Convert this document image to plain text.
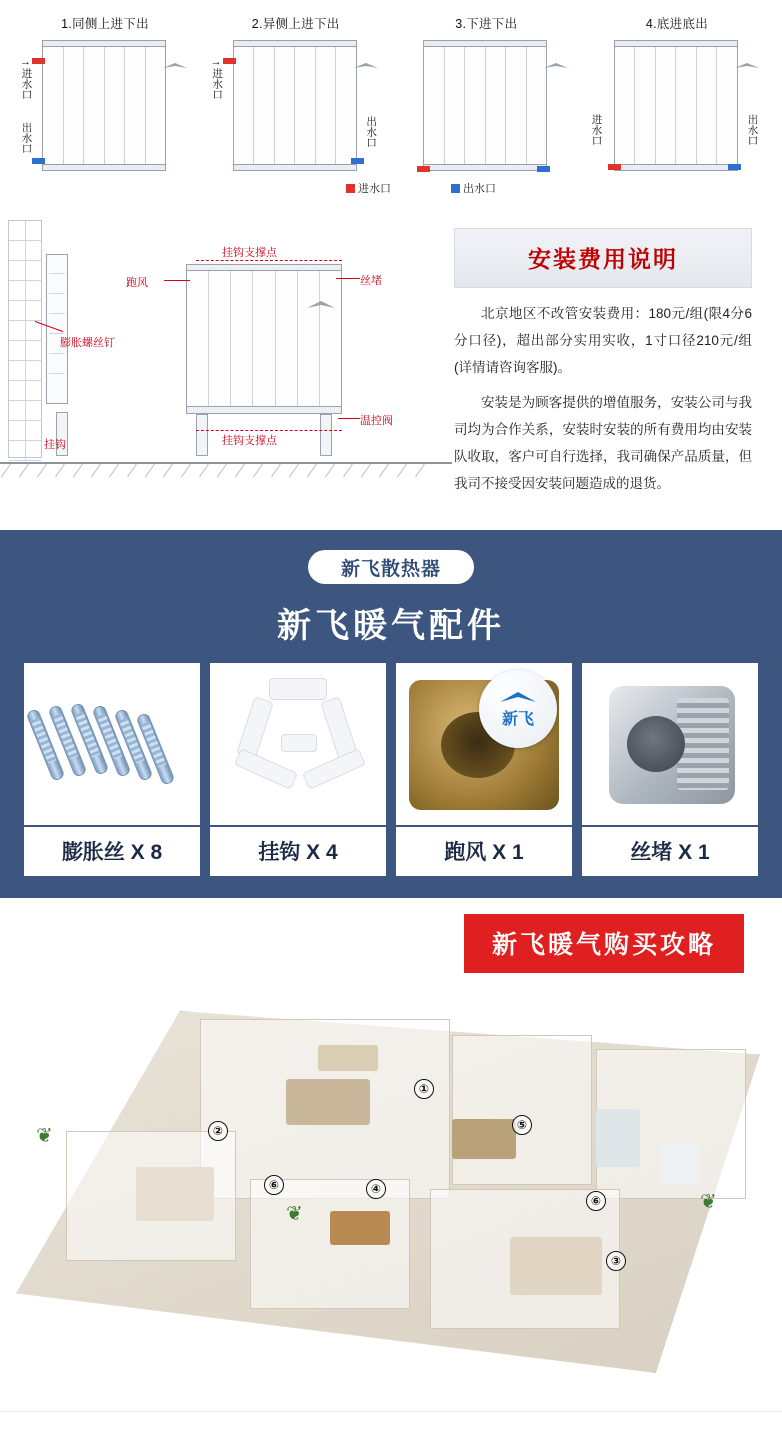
1.同侧上进下出
→
进水口
出水口
2.异侧上进下出
→
进水口
出水口
3.下进下出	4.底进底出
进水口	出水口
进水口	出水口
挂钩支撑点
跑风	丝堵
膨胀螺丝钉
挂钩
温控阀
挂钩支撑点
安装费用说明

北京地区不改管安装费用：180元/组(限4分6分口径)，超出部分实用实收，1寸口径210元/组(详情请咨询客服)。

安装是为顾客提供的增值服务，安装公司与我司均为合作关系，安装时安装的所有费用均由安装队收取，客户可自行选择，我司确保产品质量，但我司不接受因安装问题造成的退货。

新飞散热器
新飞暖气配件
膨胀丝 X 8	挂钩 X 4
新飞
跑风 X 1	丝堵 X 1
新飞暖气购买攻略
❦
❦
❦
①
②
③
④
⑤
⑥
⑥
